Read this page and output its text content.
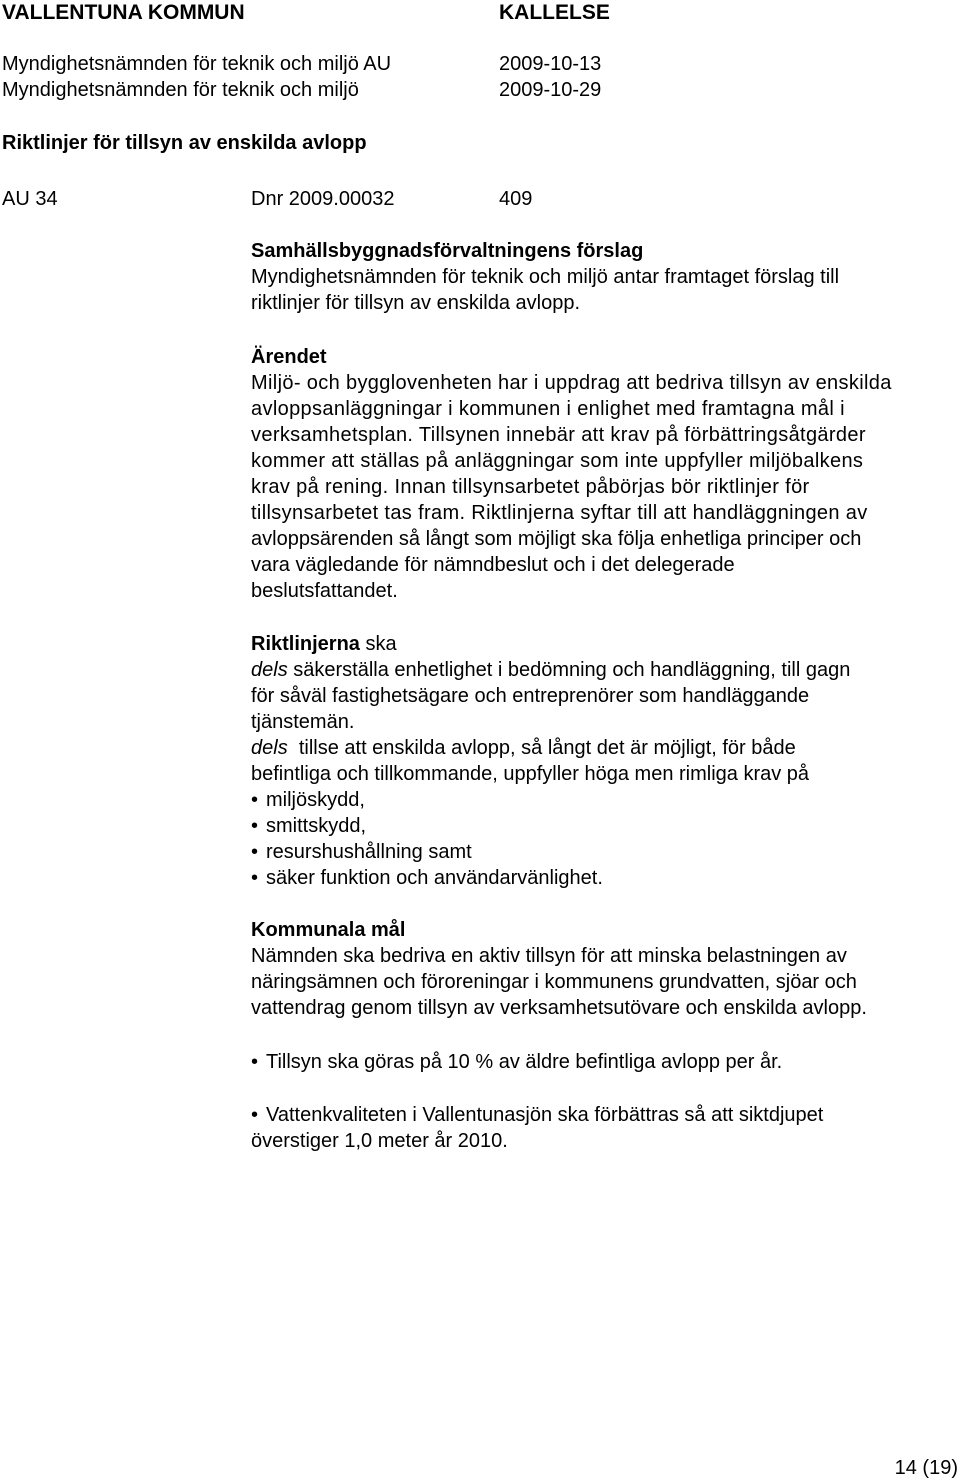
VALLENTUNA KOMMUN	KALLELSE
Myndighetsnämnden för teknik och miljö AU	2009-10-13
Myndighetsnämnden för teknik och miljö	2009-10-29
Riktlinjer för tillsyn av enskilda avlopp
AU 34	Dnr 2009.00032	409
Samhällsbyggnadsförvaltningens förslag
Myndighetsnämnden för teknik och miljö antar framtaget förslag till
riktlinjer för tillsyn av enskilda avlopp.
Ärendet
Miljö- och bygglovenheten har i uppdrag att bedriva tillsyn av enskilda
avloppsanläggningar i kommunen i enlighet med framtagna mål i
verksamhetsplan. Tillsynen innebär att krav på förbättringsåtgärder
kommer att ställas på anläggningar som inte uppfyller miljöbalkens
krav på rening. Innan tillsynsarbetet påbörjas bör riktlinjer för
tillsynsarbetet tas fram. Riktlinjerna syftar till att handläggningen av
avloppsärenden så långt som möjligt ska följa enhetliga principer och
vara vägledande för nämndbeslut och i det delegerade
beslutsfattandet.
Riktlinjerna ska
dels säkerställa enhetlighet i bedömning och handläggning, till gagn
för såväl fastighetsägare och entreprenörer som handläggande
tjänstemän.
dels  tillse att enskilda avlopp, så långt det är möjligt, för både
befintliga och tillkommande, uppfyller höga men rimliga krav på
• miljöskydd,
• smittskydd,
• resurshushållning samt
• säker funktion och användarvänlighet.
Kommunala mål
Nämnden ska bedriva en aktiv tillsyn för att minska belastningen av
näringsämnen och föroreningar i kommunens grundvatten, sjöar och
vattendrag genom tillsyn av verksamhetsutövare och enskilda avlopp.
• Tillsyn ska göras på 10 % av äldre befintliga avlopp per år.
• Vattenkvaliteten i Vallentunasjön ska förbättras så att siktdjupet
överstiger 1,0 meter år 2010.
14 (19)
